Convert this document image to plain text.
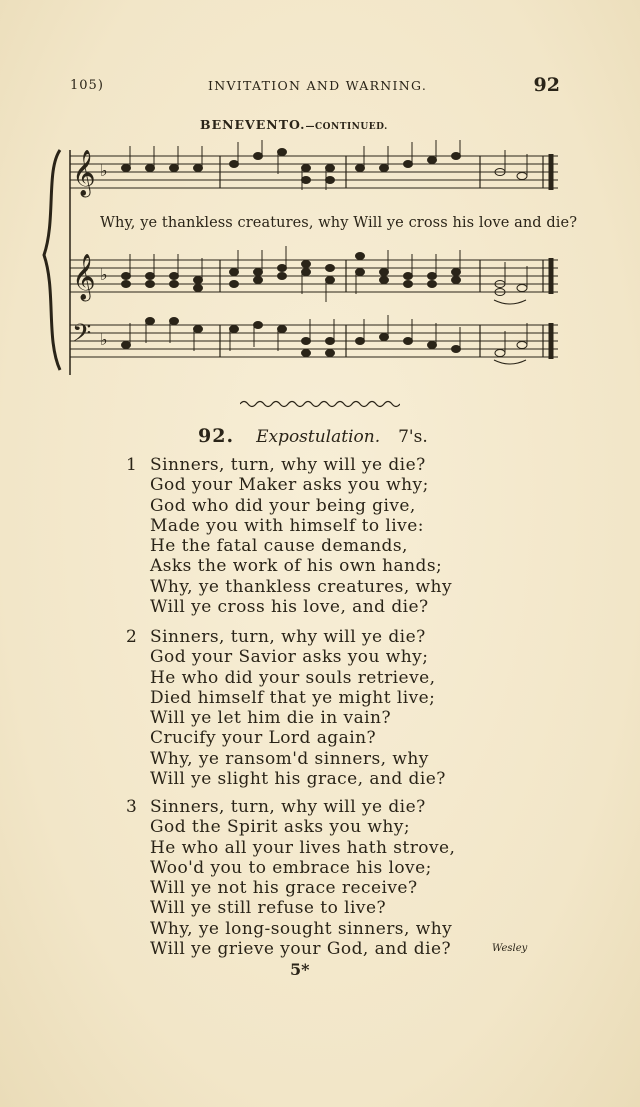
105)	INVITATION AND WARNING.	92
BENEVENTO.—CONTINUED.
𝄞
𝄞
𝄢
♭
♭
♭
Why, ye thankless creatures, why Will ye cross his love and die?
92. Expostulation. 7's.
1 Sinners, turn, why will ye die?
God your Maker asks you why;
God who did your being give,
Made you with himself to live:
He the fatal cause demands,
Asks the work of his own hands;
Why, ye thankless creatures, why
Will ye cross his love, and die?
2 Sinners, turn, why will ye die?
God your Savior asks you why;
He who did your souls retrieve,
Died himself that ye might live;
Will ye let him die in vain?
Crucify your Lord again?
Why, ye ransom'd sinners, why
Will ye slight his grace, and die?
3 Sinners, turn, why will ye die?
God the Spirit asks you why;
He who all your lives hath strove,
Woo'd you to embrace his love;
Will ye not his grace receive?
Will ye still refuse to live?
Why, ye long-sought sinners, why
Will ye grieve your God, and die?	Wesley
5*
